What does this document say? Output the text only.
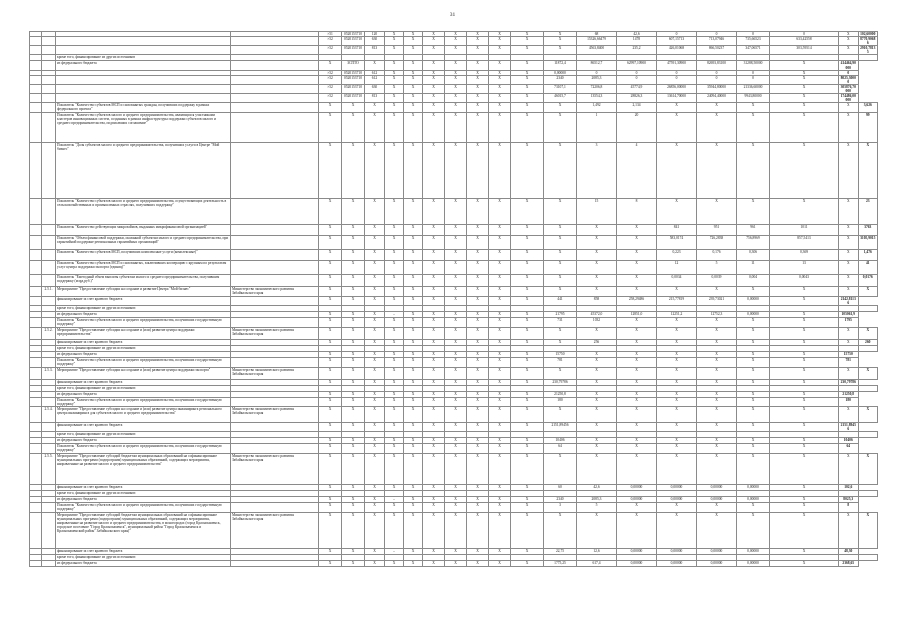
31
				×51	0520153710	120	Х	Х	Х	Х	Х	Х	Х	Х	68	42,6	0	0	0	0	Х	102,60000
				×52	0520153710	630	Х	Х	Х	Х	Х	Х	Х	Х	15326,66479	1478	607,15713	713,07946	735,66523	633,42558	Х	8770,90686
				×52	0520153710	813	Х	Х	Х	Х	Х	Х	Х	Х	4563,8400	235,2	426,01068	866,50237	347,06571	303,59514	Х	2910,78135
		кроме того, финансирование из других источников																				
		из федерального бюджета		Х	ЗСПТО	Х	Х	Х	Х	Х	Х	Х	Х	11872,4	86512,7	62997,10900	47591,30900	82693,83100	31288,50000	Х	414464,90000	
				×52	0520153710	612	Х	Х	Х	Х	Х	Х	Х	0,00000	0	0	0	0	0	Х	0	
				×52	0520153710	612	Х	Х	Х	Х	Х	Х	Х	2340	2085,3	0	0	0	0	Х	8025,30000	
				×52	0520153710	630	Х	Х	Х	Х	Х	Х	Х	73107,1	72206,8	45774,9	26856,00000	35944,80000	21336,60000	Х	305876,70000	
				×52	0520153710	813	Х	Х	Х	Х	Х	Х	Х	46015,7	13554,3	28826,3	13614,70000	24094,40000	9943,80000	Х	174486,00000	
		Показатель "Количество субъектов МСП и самозанятых граждан, получивших поддержку в рамках федерального проекта"		Х	Х	Х	Х	Х	Х	Х	Х	Х	Х	Х	1,492	2,134	Х	Х	Х	Х	Х	3,626
		Показатель "Количество субъектов малого и среднего предпринимательства, являющихся участниками кластеров инновационных систем, созданных в рамках инфраструктуры поддержки субъектов малого и среднего предпринимательства, подписавших соглашение"		Х	Х	Х	Х	Х	Х	Х	Х	Х	Х	Х	1	20	Х	Х	Х	Х	Х	99
		Показатель "Доля субъектов малого и среднего предпринимательства, получивших услуги в Центре "Мой бизнес"		Х	Х	Х	Х	Х	Х	Х	Х	Х	Х	Х	3	4	Х	Х	Х	Х	Х	Х
		Показатель "Количество субъектов малого и среднего предпринимательства, осуществляющих деятельность в сельскохозяйственных и промышленных отраслях, получивших поддержку"		Х	Х	Х	Х	Х	Х	Х	Х	Х	Х	Х	15	8	Х	Х	Х	Х	Х	23
		Показатель "Количество действующих микрозаймов, выданных микрофинансовой организацией"		Х	Х	Х	Х	Х	Х	Х	Х	Х	Х	Х	Х	Х	841	951	961	1011	Х	3763
		Показатель "Объем финансовой поддержки, оказанной субъектам малого и среднего предпринимательства, при гарантийной поддержке региональных гарантийных организаций"		Х	Х	Х	Х	Х	Х	Х	Х	Х	Х	Х	Х	Х	583,0174	726,2838	756,8969	857,5413	Х	3105,9015
		Показатель "Количество субъектов МСП, получивших комплексные услуги (комплексные)"		Х	Х	Х	Х	Х	Х	Х	Х	Х	Х	Х	Х	Х	0,223	0,176	0,306	0,369	Х	1,476
		Показатель "Количество субъектов МСП и самозанятых, заключивших кооперацию с крупным по результатам услуг центра поддержки экспорта (единиц)"		Х	Х	Х	Х	Х	Х	Х	Х	Х	Х	Х	Х	Х	12	5	11	13	Х	41
		Показатель "Ежегодный объем выплаты субъектам малого и среднего предпринимательства, получившим поддержку (млрд.руб.)"		Х	Х	Х	Х	Х	Х	Х	Х	Х	Х	Х	Х	Х	0,0034	0,0039	0,004	0,0043	Х	0,0176
	2.5.1.	Мероприятие "Предоставление субсидии на создание и развитие Центра "Мой бизнес"	Министерство экономического развития Забайкальского края	Х	Х	Х	Х	Х	Х	Х	Х	Х	Х	Х	Х	Х	Х	Х	Х	Х	Х	Х
		финансирование за счет краевого бюджета		Х	Х	Х	Х	Х	Х	Х	Х	Х	Х	441	858	258,29486	215,77819	239,73021	0,00000	Х	2142,81136	
		кроме того, финансирование из других источников:																				
		из федерального бюджета		Х	Х	Х	–	Х	Х	Х	Х	Х	Х	21795	45372,0	12851,0	12251,2	12752,3	0,00000	Х	105061,9	
		Показатель "Количество субъектов малого и среднего предпринимательства, получивших государственную поддержку"		Х	Х	Х	Х	Х	Х	Х	Х	Х	Х	731	1032	Х	Х	Х	Х	Х	1795	
	2.5.2.	Мероприятие "Предоставление субсидии на создание и (или) развитие центра поддержки предпринимательства"	Министерство экономического развития Забайкальского края	Х	Х	Х	Х	Х	Х	Х	Х	Х	Х	Х	Х	Х	Х	Х	Х	Х	Х	Х
		финансирование за счет краевого бюджета		Х	Х	Х	Х	Х	Х	Х	Х	Х	Х	Х	256	Х	Х	Х	Х	Х	Х	260
		кроме того, финансирование из других источников:																				
		из федерального бюджета		Х	Х	Х	Х	Х	Х	Х	Х	Х	Х	15750	Х	Х	Х	Х	Х	Х	15750	
		Показатель "Количество субъектов малого и среднего предпринимательства, получивших государственную поддержку"		Х	Х	Х	Х	Х	Х	Х	Х	Х	Х	781	Х	Х	Х	Х	Х	Х	781	
	2.5.3.	Мероприятие "Предоставление субсидии на создание и (или) развитие центра поддержки экспорта"	Министерство экономического развития Забайкальского края	Х	Х	Х	Х	Х	Х	Х	Х	Х	Х	Х	Х	Х	Х	Х	Х	Х	Х	Х
		финансирование за счет краевого бюджета		Х	Х	Х	Х	Х	Х	Х	Х	Х	Х	230,79786	Х	Х	Х	Х	Х	Х	230,79786	
		кроме того, финансирование из других источников:																				
		из федерального бюджета		Х	Х	Х	Х	Х	Х	Х	Х	Х	Х	21250,8	Х	Х	Х	Х	Х	Х	21250,8	
		Показатель "Количество субъектов малого и среднего предпринимательства, получивших государственную поддержку"		Х	Х	Х	Х	Х	Х	Х	Х	Х	Х	180	Х	Х	Х	Х	Х	Х	180	
	2.5.4.	Мероприятие "Предоставление субсидии на создание и (или) развитие центра инжиниринга регионального центра инжиниринга для субъектов малого и среднего предпринимательства"	Министерство экономического развития Забайкальского края	Х	Х	Х	Х	Х	Х	Х	Х	Х	Х	Х	Х	Х	Х	Х	Х	Х	Х	Х
		финансирование за счет краевого бюджета		Х	Х	Х	Х	Х	Х	Х	Х	Х	Х	2151,89456	Х	Х	Х	Х	Х	Х	2151,89456	
		кроме того, финансирование из других источников:																				
		из федерального бюджета		Х	Х	Х	Х	Х	Х	Х	Х	Х	Х	10406	Х	Х	Х	Х	Х	Х	10406	
		Показатель "Количество субъектов малого и среднего предпринимательства, получивших государственную поддержку"		Х	Х	Х	Х	Х	Х	Х	Х	Х	Х	64	Х	Х	Х	Х	Х	Х	64	
	2.5.5.	Мероприятие "Предоставление субсидий бюджетам муниципальных образований на софинансирование муниципальных программ (подпрограмм) муниципальных образований, содержащих мероприятия, направленные на развитие малого и среднего предпринимательства"	Министерство экономического развития Забайкальского края	Х	Х	Х	Х	Х	Х	Х	Х	Х	Х	Х	Х	Х	Х	Х	Х	Х	Х	Х
		финансирование за счет краевого бюджета		Х	Х	Х	Х	Х	Х	Х	Х	Х	Х	60	42,6	0,00000	0,00000	0,00000	0,00000	Х	102,6	
		кроме того, финансирование из других источников:																				
		из федерального бюджета		Х	Х	Х	–	Х	Х	Х	Х	Х	Х	2340	2085,3	0,00000	0,00000	0,00000	0,00000	Х	8025,3	
		Показатель "Количество субъектов малого и среднего предпринимательства, получивших государственную поддержку"		Х	Х	Х	Х	Х	Х	Х	Х	Х	Х	3	5	Х	Х	Х	Х	Х	8	
		Мероприятие "Предоставление субсидий бюджетам муниципальных образований на софинансирование муниципальных программ (подпрограмм) муниципальных образований, содержащих мероприятия, направленные на развитие малого и среднего предпринимательства, в моногородах (город Краснокаменск, городское поселение "Город Краснокаменск", муниципальный район "Город Краснокаменск и Краснокаменский район" Забайкальского края)"	Министерство экономического развития Забайкальского края	Х	Х	Х	Х	Х	Х	Х	Х	Х	Х	Х	Х	Х	Х	Х	Х	Х	Х	Х
		финансирование за счет краевого бюджета		Х	Х	Х	–	Х	Х	Х	Х	Х	Х	22,75	12,6	0,00000	0,00000	0,00000	0,00000	Х	48,30	
		кроме того, финансирование из других источников:																				
		из федерального бюджета		Х	Х	Х	Х	Х	Х	Х	Х	Х	Х	1775,25	617,4	0,00000	0,00000	0,00000	0,00000	Х	2368,65	
